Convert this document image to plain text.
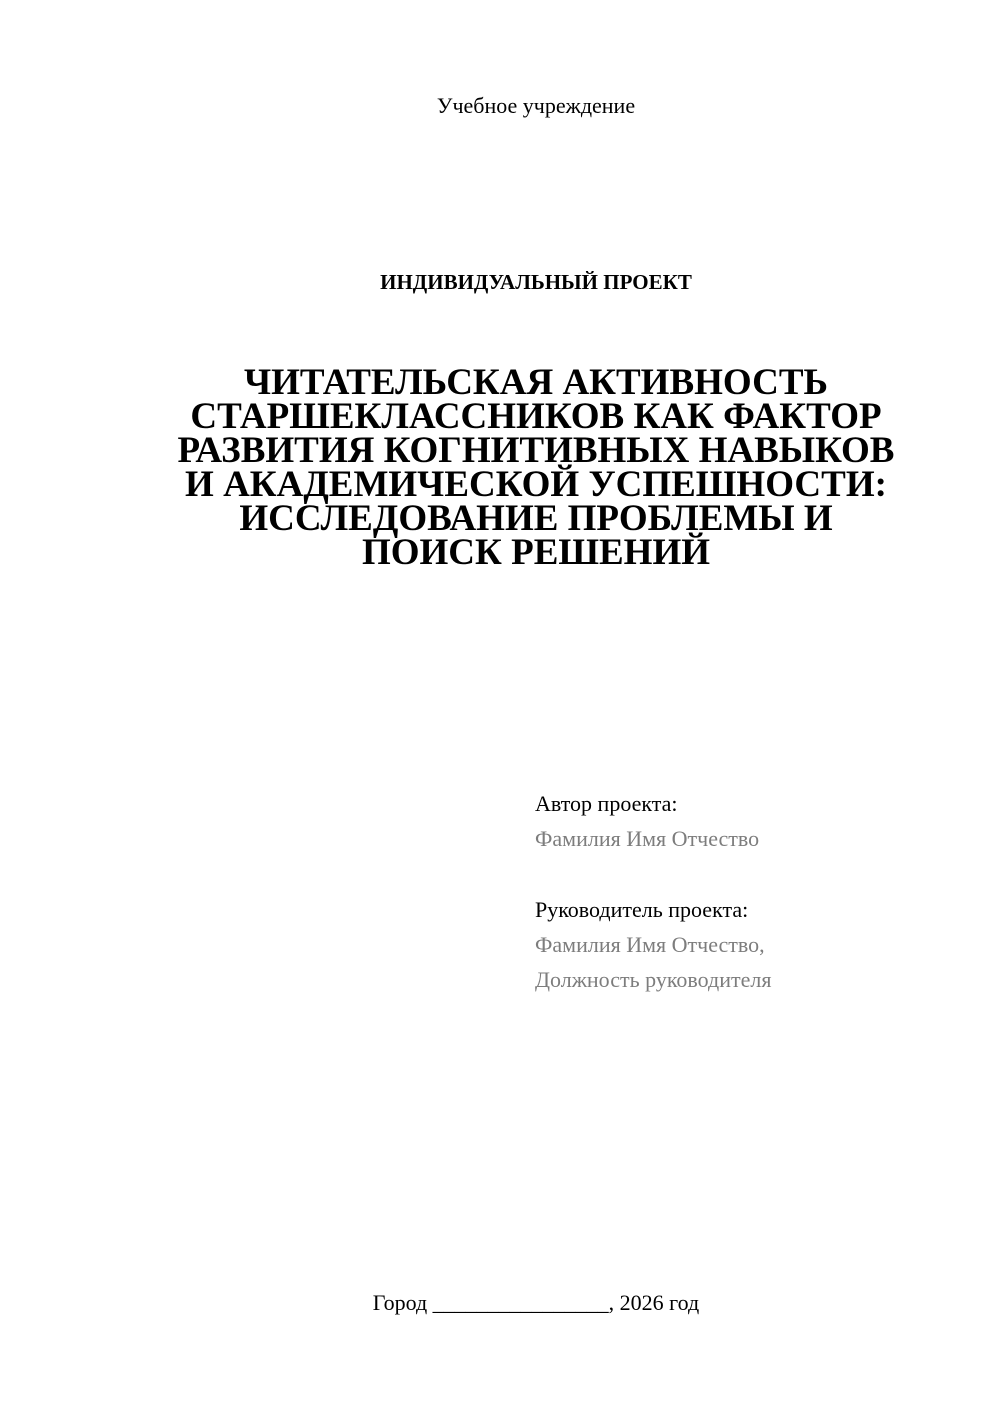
Учебное учреждение
ИНДИВИДУАЛЬНЫЙ ПРОЕКТ
ЧИТАТЕЛЬСКАЯ АКТИВНОСТЬ
СТАРШЕКЛАССНИКОВ КАК ФАКТОР
РАЗВИТИЯ КОГНИТИВНЫХ НАВЫКОВ
И АКАДЕМИЧЕСКОЙ УСПЕШНОСТИ:
ИССЛЕДОВАНИЕ ПРОБЛЕМЫ И
ПОИСК РЕШЕНИЙ
Автор проекта:
Фамилия Имя Отчество
Руководитель проекта:
Фамилия Имя Отчество,
Должность руководителя
Город ________________, 2026 год
